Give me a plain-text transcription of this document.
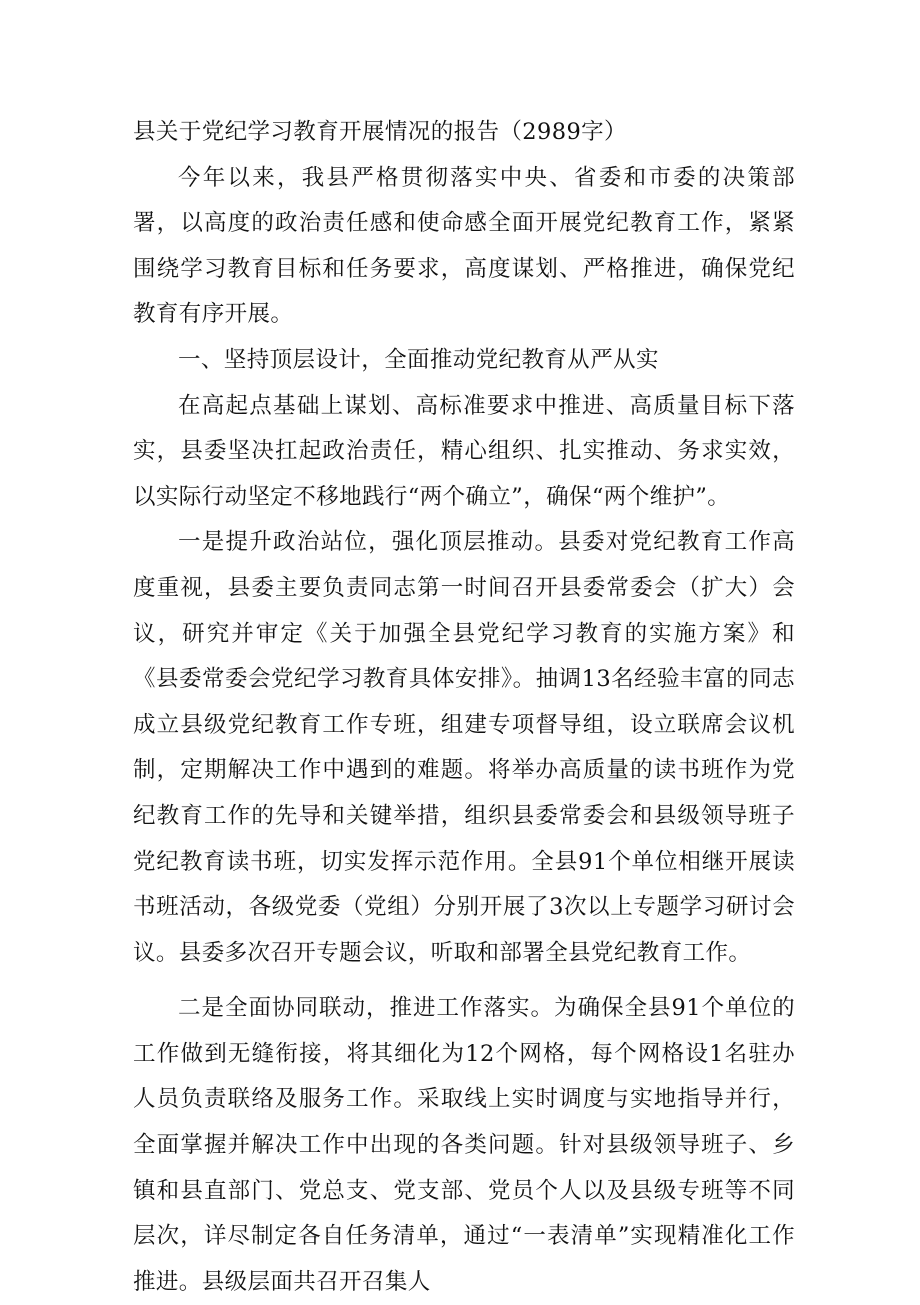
县关于党纪学习教育开展情况的报告（2989字）

今年以来，我县严格贯彻落实中央、省委和市委的决策部署，以高度的政治责任感和使命感全面开展党纪教育工作，紧紧围绕学习教育目标和任务要求，高度谋划、严格推进，确保党纪教育有序开展。

一、坚持顶层设计，全面推动党纪教育从严从实

在高起点基础上谋划、高标准要求中推进、高质量目标下落实，县委坚决扛起政治责任，精心组织、扎实推动、务求实效，以实际行动坚定不移地践行“两个确立”，确保“两个维护”。

一是提升政治站位，强化顶层推动。县委对党纪教育工作高度重视，县委主要负责同志第一时间召开县委常委会（扩大）会议，研究并审定《关于加强全县党纪学习教育的实施方案》和《县委常委会党纪学习教育具体安排》。抽调13名经验丰富的同志成立县级党纪教育工作专班，组建专项督导组，设立联席会议机制，定期解决工作中遇到的难题。将举办高质量的读书班作为党纪教育工作的先导和关键举措，组织县委常委会和县级领导班子党纪教育读书班，切实发挥示范作用。全县91个单位相继开展读书班活动，各级党委（党组）分别开展了3次以上专题学习研讨会议。县委多次召开专题会议，听取和部署全县党纪教育工作。

二是全面协同联动，推进工作落实。为确保全县91个单位的工作做到无缝衔接，将其细化为12个网格，每个网格设1名驻办人员负责联络及服务工作。采取线上实时调度与实地指导并行，全面掌握并解决工作中出现的各类问题。针对县级领导班子、乡镇和县直部门、党总支、党支部、党员个人以及县级专班等不同层次，详尽制定各自任务清单，通过“一表清单”实现精准化工作推进。县级层面共召开召集人
